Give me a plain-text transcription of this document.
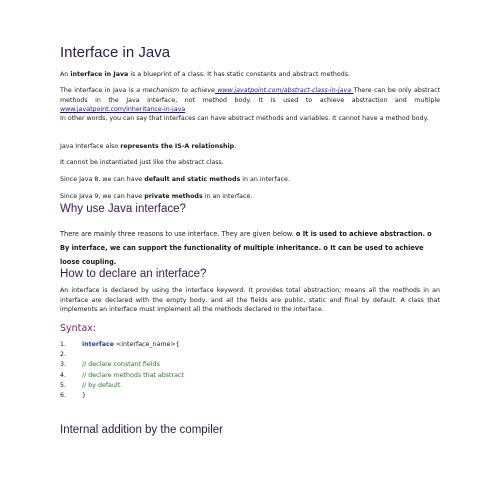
Interface in Java

An interface in Java is a blueprint of a class. It has static constants and abstract methods.

The interface in Java is a mechanism to achieve www.javatpoint.com/abstract-class-in-java There can be only abstract methods in the Java interface, not method body. It is used to achieve abstraction and multiple www.javatpoint.com/inheritance-in-java

In other words, you can say that interfaces can have abstract methods and variables. It cannot have a method body.

Java Interface also represents the IS-A relationship.

It cannot be instantiated just like the abstract class.

Since Java 8, we can have default and static methods in an interface.

Since Java 9, we can have private methods in an interface.

Why use Java interface?

There are mainly three reasons to use interface. They are given below. o It is used to achieve abstraction. o By interface, we can support the functionality of multiple inheritance. o It can be used to achieve loose coupling.

How to declare an interface?

An interface is declared by using the interface keyword. It provides total abstraction; means all the methods in an interface are declared with the empty body, and all the fields are public, static and final by default. A class that implements an interface must implement all the methods declared in the interface.

Syntax:
1.	interface <interface_name>{
2.
3.	// declare constant fields
4.	// declare methods that abstract
5.	// by default.
6.	}
Internal addition by the compiler
